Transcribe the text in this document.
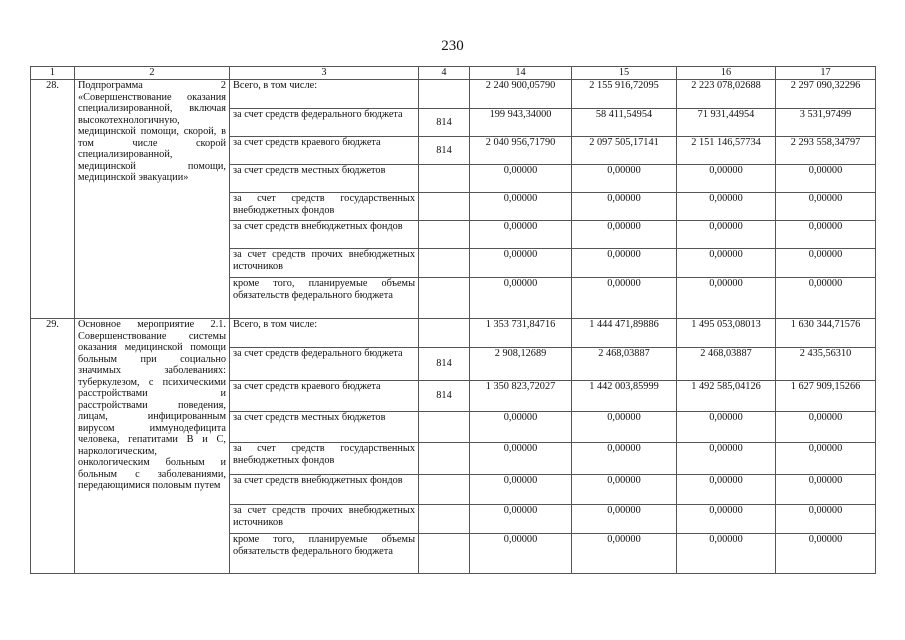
230
1	2	3	4	14	15	16	17
28.	Подпрограмма 2 «Совершенствование оказания специализированной, включая высокотехнологичную, медицинской помощи, скорой, в том числе скорой специализированной, медицинской помощи, медицинской эвакуации»	Всего, в том числе:		2 240 900,05790	2 155 916,72095	2 223 078,02688	2 297 090,32296
		за счет средств федерального бюджета	814	199 943,34000	58 411,54954	71 931,44954	3 531,97499
		за счет средств краевого бюджета	814	2 040 956,71790	2 097 505,17141	2 151 146,57734	2 293 558,34797
		за счет средств местных бюджетов		0,00000	0,00000	0,00000	0,00000
		за счет средств государственных внебюджетных фондов		0,00000	0,00000	0,00000	0,00000
		за счет средств внебюджетных фондов		0,00000	0,00000	0,00000	0,00000
		за счет средств прочих внебюджетных источников		0,00000	0,00000	0,00000	0,00000
		кроме того, планируемые объемы обязательств федерального бюджета		0,00000	0,00000	0,00000	0,00000
29.	Основное мероприятие 2.1. Совершенствование системы оказания медицинской помощи больным при социально значимых заболеваниях: туберкулезом, с психическими расстройствами и расстройствами поведения, лицам, инфицированным вирусом иммунодефицита человека, гепатитами В и С, наркологическим, онкологическим больным и больным с заболеваниями, передающимися половым путем	Всего, в том числе:		1 353 731,84716	1 444 471,89886	1 495 053,08013	1 630 344,71576
		за счет средств федерального бюджета	814	2 908,12689	2 468,03887	2 468,03887	2 435,56310
		за счет средств краевого бюджета	814	1 350 823,72027	1 442 003,85999	1 492 585,04126	1 627 909,15266
		за счет средств местных бюджетов		0,00000	0,00000	0,00000	0,00000
		за счет средств государственных внебюджетных фондов		0,00000	0,00000	0,00000	0,00000
		за счет средств внебюджетных фондов		0,00000	0,00000	0,00000	0,00000
		за счет средств прочих внебюджетных источников		0,00000	0,00000	0,00000	0,00000
		кроме того, планируемые объемы обязательств федерального бюджета		0,00000	0,00000	0,00000	0,00000
